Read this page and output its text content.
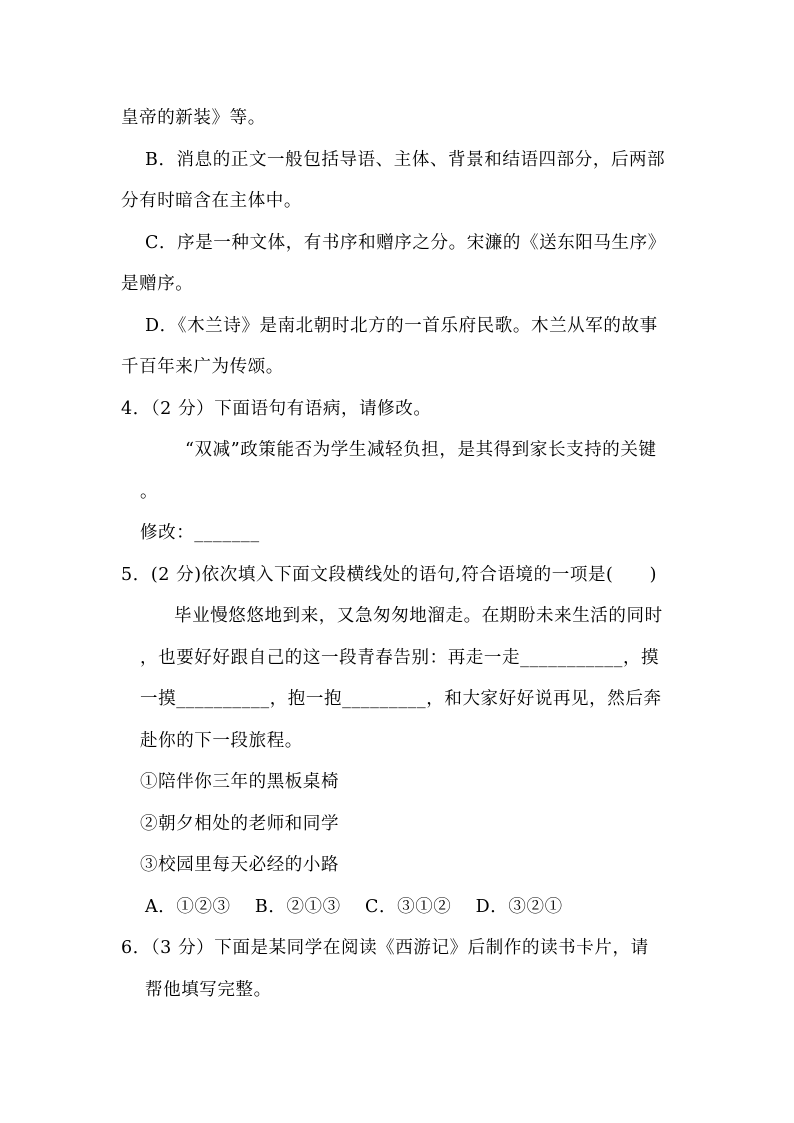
皇帝的新装》等。
B．消息的正文一般包括导语、主体、背景和结语四部分，后两部
分有时暗含在主体中。
C．序是一种文体，有书序和赠序之分。宋濂的《送东阳马生序》
是赠序。
D．《木兰诗》是南北朝时北方的一首乐府民歌。木兰从军的故事
千百年来广为传颂。
4．（2 分）下面语句有语病，请修改。
“双减”政策能否为学生减轻负担，是其得到家长支持的关键
。
修改：_______
5．(2 分)依次填入下面文段横线处的语句,符合语境的一项是(　　)
毕业慢悠悠地到来，又急匆匆地溜走。在期盼未来生活的同时
，也要好好跟自己的这一段青春告别：再走一走___________，摸
一摸__________，抱一抱_________，和大家好好说再见，然后奔
赴你的下一段旅程。
①陪伴你三年的黑板桌椅
②朝夕相处的老师和同学
③校园里每天必经的小路
A．①②③　 B．②①③　 C．③①②　 D．③②①
6．（3 分）下面是某同学在阅读《西游记》后制作的读书卡片，请
帮他填写完整。
